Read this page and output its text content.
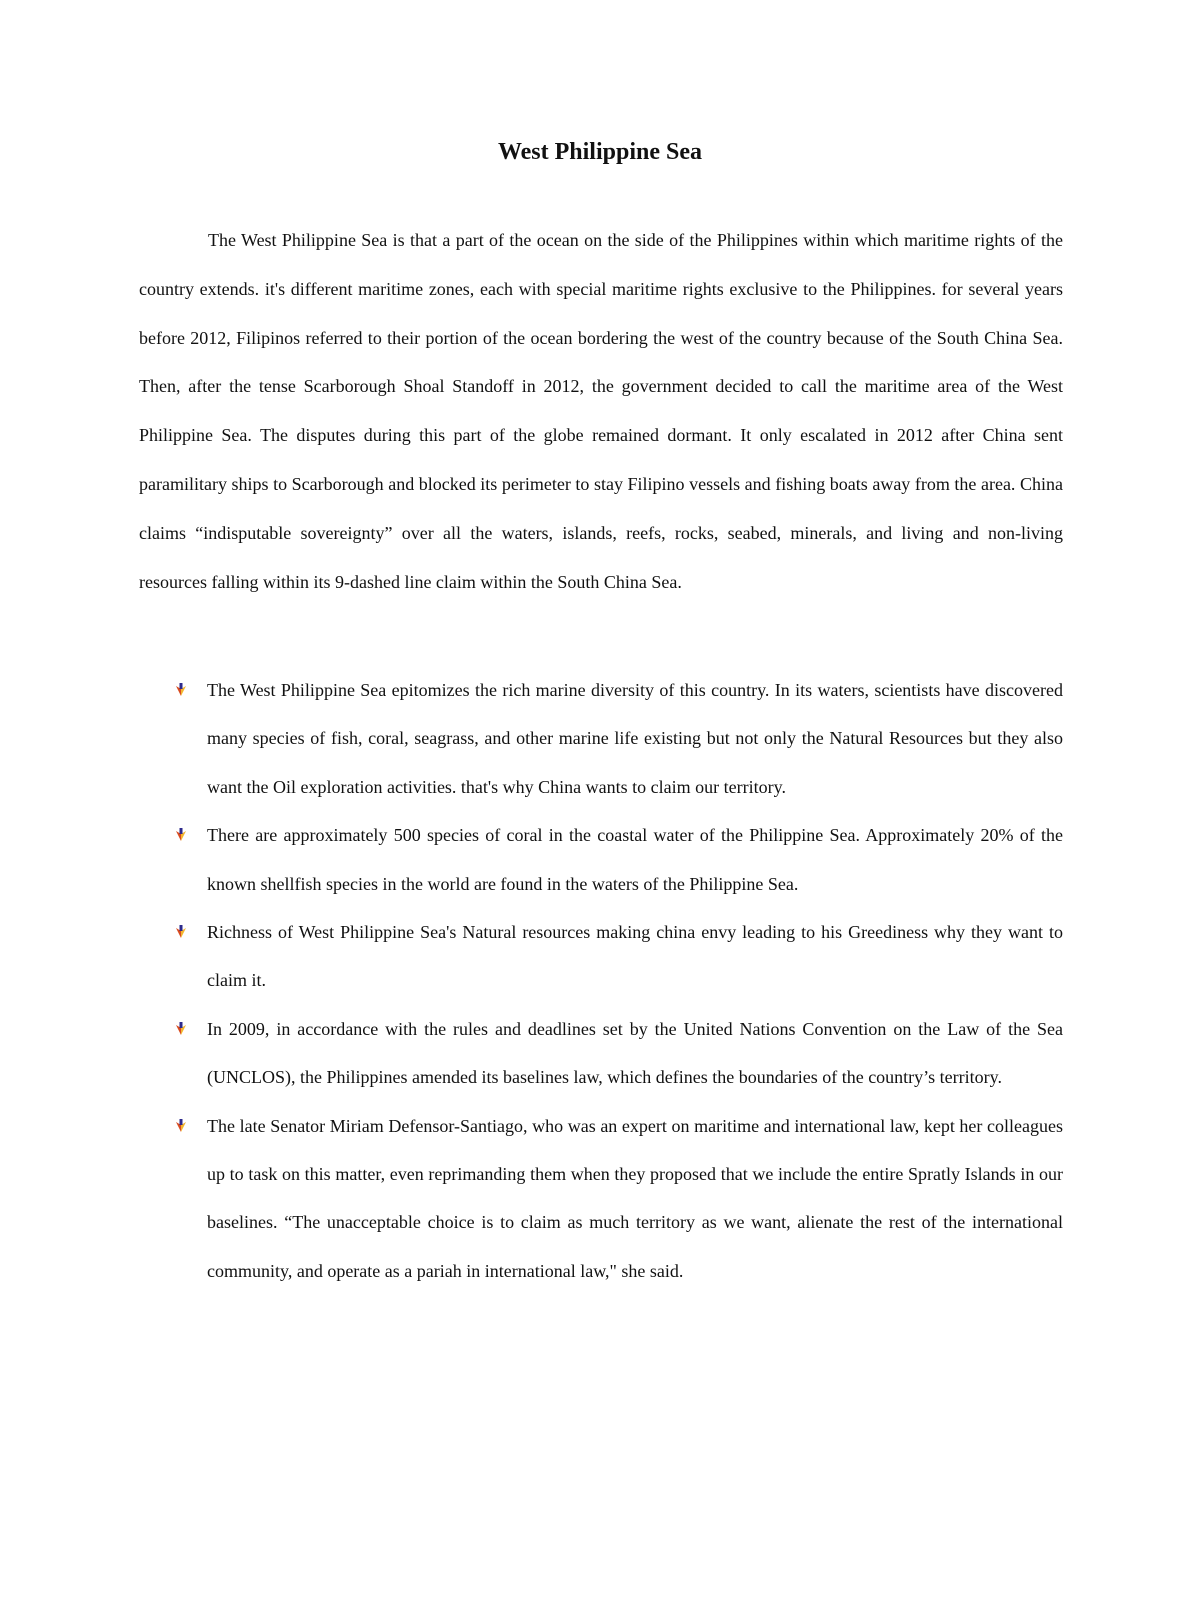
West Philippine Sea

The West Philippine Sea is that a part of the ocean on the side of the Philippines within which maritime rights of the country extends. it's different maritime zones, each with special maritime rights exclusive to the Philippines. for several years before 2012, Filipinos referred to their portion of the ocean bordering the west of the country because of the South China Sea. Then, after the tense Scarborough Shoal Standoff in 2012, the government decided to call the maritime area of the West Philippine Sea. The disputes during this part of the globe remained dormant. It only escalated in 2012 after China sent paramilitary ships to Scarborough and blocked its perimeter to stay Filipino vessels and fishing boats away from the area. China claims “indisputable sovereignty” over all the waters, islands, reefs, rocks, seabed, minerals, and living and non-living resources falling within its 9-dashed line claim within the South China Sea.

The West Philippine Sea epitomizes the rich marine diversity of this country. In its waters, scientists have discovered many species of fish, coral, seagrass, and other marine life existing but not only the Natural Resources but they also want the Oil exploration activities. that's why China wants to claim our territory.
There are approximately 500 species of coral in the coastal water of the Philippine Sea. Approximately 20% of the known shellfish species in the world are found in the waters of the Philippine Sea.
Richness of West Philippine Sea's Natural resources making china envy leading to his Greediness why they want to claim it.
In 2009, in accordance with the rules and deadlines set by the United Nations Convention on the Law of the Sea (UNCLOS), the Philippines amended its baselines law, which defines the boundaries of the country’s territory.
The late Senator Miriam Defensor-Santiago, who was an expert on maritime and international law, kept her colleagues up to task on this matter, even reprimanding them when they proposed that we include the entire Spratly Islands in our baselines. “The unacceptable choice is to claim as much territory as we want, alienate the rest of the international community, and operate as a pariah in international law," she said.
